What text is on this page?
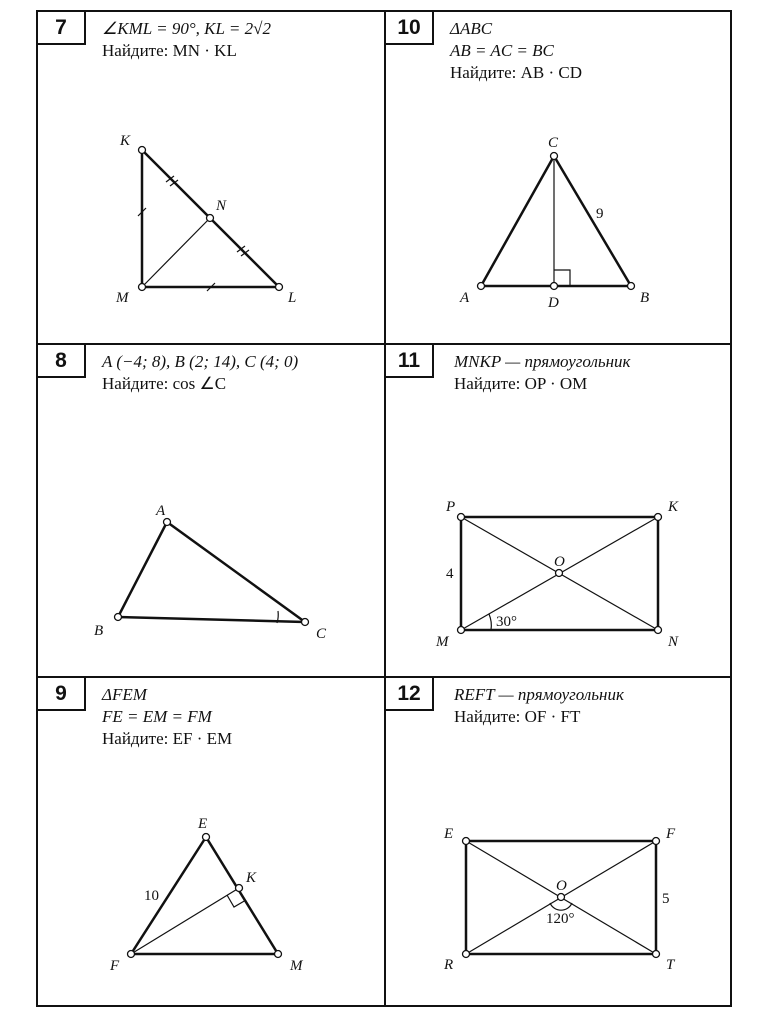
7	∠KML = 90°, KL = 2√2
Найдите: MN · KL
K
N
M	L
10	ΔABC
AB = AC = BC
Найдите: AB · CD
C
A	B
D
9
8	A (−4; 8), B (2; 14), C (4; 0)
Найдите: cos ∠C
A
B	C
11	MNKP — прямоугольник
Найдите: OP · OM
P	K
O
M	N
4
30°
9	ΔFEM
FE = EM = FM
Найдите: EF · EM
E
K
F	M
10
12	REFT — прямоугольник
Найдите: OF · FT
E	F
O
R	T
5
120°
